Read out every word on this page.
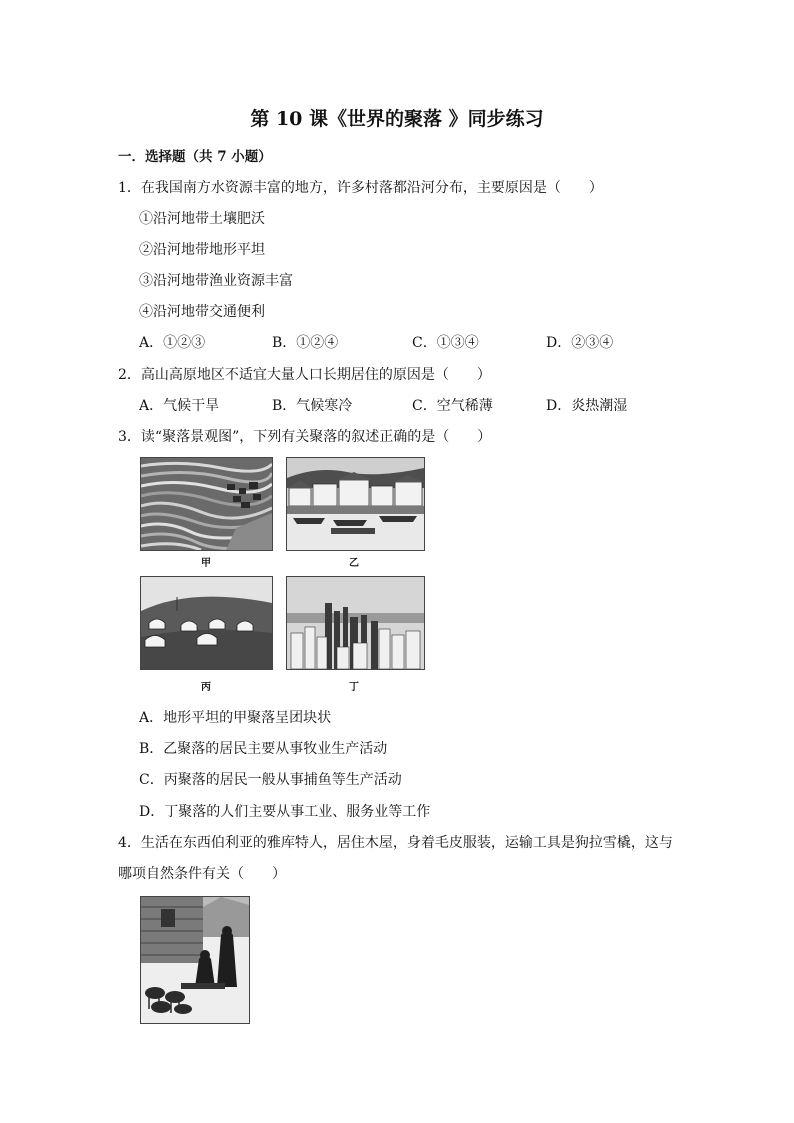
第 10 课《世界的聚落 》同步练习
一．选择题（共 7 小题）
1．在我国南方水资源丰富的地方，许多村落都沿河分布，主要原因是（　　）
①沿河地带土壤肥沃
②沿河地带地形平坦
③沿河地带渔业资源丰富
④沿河地带交通便利
A．①②③	B．①②④	C．①③④	D．②③④
2．高山高原地区不适宜大量人口长期居住的原因是（　　）
A．气候干旱	B．气候寒冷	C．空气稀薄	D．炎热潮湿
3．读“聚落景观图”，下列有关聚落的叙述正确的是（　　）
甲	乙
丙	丁
A．地形平坦的甲聚落呈团块状
B．乙聚落的居民主要从事牧业生产活动
C．丙聚落的居民一般从事捕鱼等生产活动
D．丁聚落的人们主要从事工业、服务业等工作
4．生活在东西伯利亚的雅库特人，居住木屋，身着毛皮服装，运输工具是狗拉雪橇，这与
哪项自然条件有关（　　）
